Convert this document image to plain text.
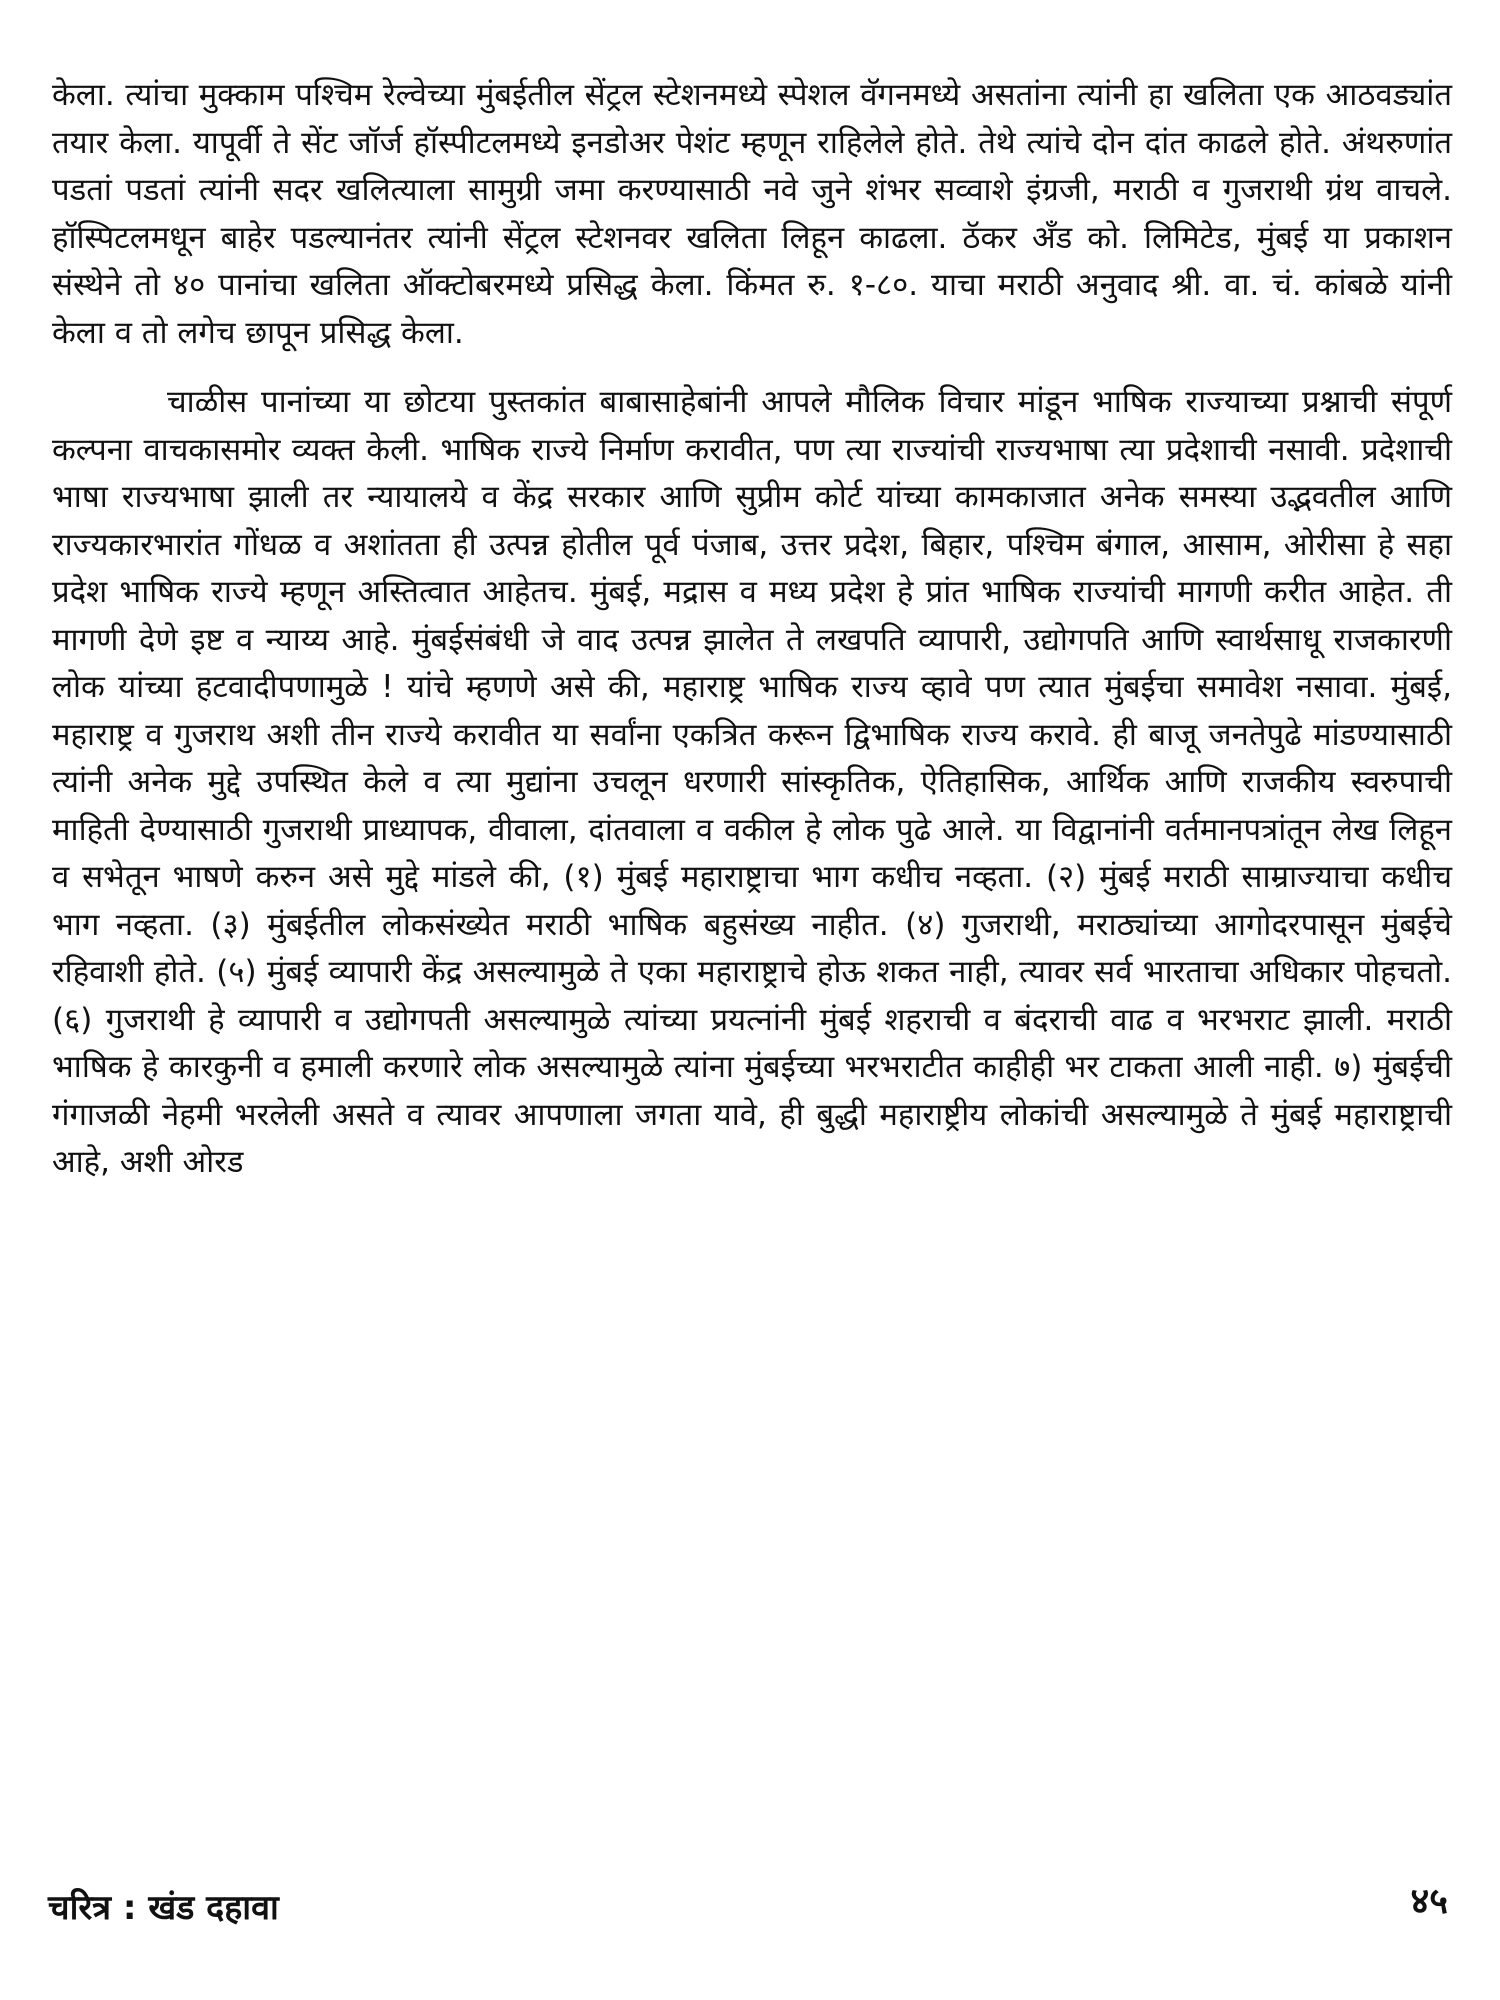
केला. त्यांचा मुक्काम पश्चिम रेल्वेच्या मुंबईतील सेंट्रल स्टेशनमध्ये स्पेशल वॅगनमध्ये असतांना त्यांनी हा खलिता एक आठवड्यांत तयार केला. यापूर्वी ते सेंट जॉर्ज हॉस्पीटलमध्ये इनडोअर पेशंट म्हणून राहिलेले होते. तेथे त्यांचे दोन दांत काढले होते. अंथरुणांत पडतां पडतां त्यांनी सदर खलित्याला सामुग्री जमा करण्यासाठी नवे जुने शंभर सव्वाशे इंग्रजी, मराठी व गुजराथी ग्रंथ वाचले. हॉस्पिटलमधून बाहेर पडल्यानंतर त्यांनी सेंट्रल स्टेशनवर खलिता लिहून काढला. ठॅकर अँड को. लिमिटेड, मुंबई या प्रकाशन संस्थेने तो ४० पानांचा खलिता ऑक्टोबरमध्ये प्रसिद्ध केला. किंमत रु. १-८०. याचा मराठी अनुवाद श्री. वा. चं. कांबळे यांनी केला व तो लगेच छापून प्रसिद्ध केला.

चाळीस पानांच्या या छोटया पुस्तकांत बाबासाहेबांनी आपले मौलिक विचार मांडून भाषिक राज्याच्या प्रश्नाची संपूर्ण कल्पना वाचकासमोर व्यक्त केली. भाषिक राज्ये निर्माण करावीत, पण त्या राज्यांची राज्यभाषा त्या प्रदेशाची नसावी. प्रदेशाची भाषा राज्यभाषा झाली तर न्यायालये व केंद्र सरकार आणि सुप्रीम कोर्ट यांच्या कामकाजात अनेक समस्या उद्भवतील आणि राज्यकारभारांत गोंधळ व अशांतता ही उत्पन्न होतील पूर्व पंजाब, उत्तर प्रदेश, बिहार, पश्चिम बंगाल, आसाम, ओरीसा हे सहा प्रदेश भाषिक राज्ये म्हणून अस्तित्वात आहेतच. मुंबई, मद्रास व मध्य प्रदेश हे प्रांत भाषिक राज्यांची मागणी करीत आहेत. ती मागणी देणे इष्ट व न्याय्य आहे. मुंबईसंबंधी जे वाद उत्पन्न झालेत ते लखपति व्यापारी, उद्योगपति आणि स्वार्थसाधू राजकारणी लोक यांच्या हटवादीपणामुळे ! यांचे म्हणणे असे की, महाराष्ट्र भाषिक राज्य व्हावे पण त्यात मुंबईचा समावेश नसावा. मुंबई, महाराष्ट्र व गुजराथ अशी तीन राज्ये करावीत या सर्वांना एकत्रित करून द्विभाषिक राज्य करावे. ही बाजू जनतेपुढे मांडण्यासाठी त्यांनी अनेक मुद्दे उपस्थित केले व त्या मुद्यांना उचलून धरणारी सांस्कृतिक, ऐतिहासिक, आर्थिक आणि राजकीय स्वरुपाची माहिती देण्यासाठी गुजराथी प्राध्यापक, वीवाला, दांतवाला व वकील हे लोक पुढे आले. या विद्वानांनी वर्तमानपत्रांतून लेख लिहून व सभेतून भाषणे करुन असे मुद्दे मांडले की, (१) मुंबई महाराष्ट्राचा भाग कधीच नव्हता. (२) मुंबई मराठी साम्राज्याचा कधीच भाग नव्हता. (३) मुंबईतील लोकसंख्येत मराठी भाषिक बहुसंख्य नाहीत. (४) गुजराथी, मराठ्यांच्या आगोदरपासून मुंबईचे रहिवाशी होते. (५) मुंबई व्यापारी केंद्र असल्यामुळे ते एका महाराष्ट्राचे होऊ शकत नाही, त्यावर सर्व भारताचा अधिकार पोहचतो. (६) गुजराथी हे व्यापारी व उद्योगपती असल्यामुळे त्यांच्या प्रयत्नांनी मुंबई शहराची व बंदराची वाढ व भरभराट झाली. मराठी भाषिक हे कारकुनी व हमाली करणारे लोक असल्यामुळे त्यांना मुंबईच्या भरभराटीत काहीही भर टाकता आली नाही. ७) मुंबईची गंगाजळी नेहमी भरलेली असते व त्यावर आपणाला जगता यावे, ही बुद्धी महाराष्ट्रीय लोकांची असल्यामुळे ते मुंबई महाराष्ट्राची आहे, अशी ओरड

चरित्र : खंड दहावा	४५
